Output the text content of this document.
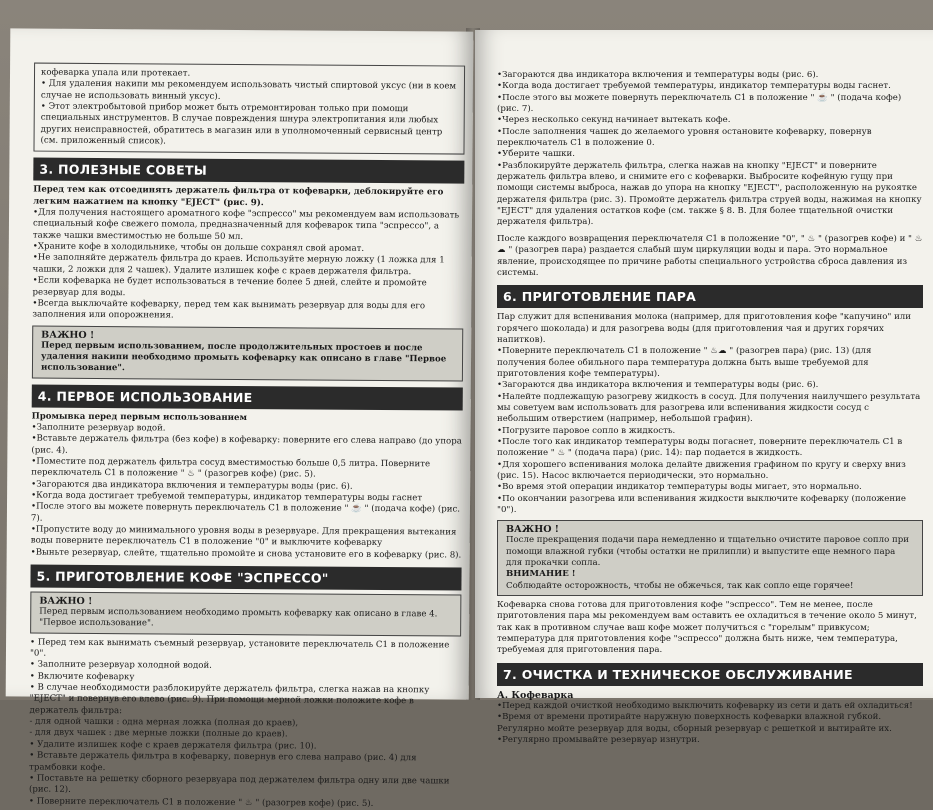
кофеварка упала или протекает.

• Для удаления накипи мы рекомендуем использовать чистый спиртовой уксус (ни в коем случае не использовать винный уксус).

• Этот электробытовой прибор может быть отремонтирован только при помощи специальных инструментов. В случае повреждения шнура электропитания или любых других неисправностей, обратитесь в магазин или в уполномоченный сервисный центр (см. приложенный список).

3. ПОЛЕЗНЫЕ СОВЕТЫ

Перед тем как отсоединять держатель фильтра от кофеварки, деблокируйте его легким нажатием на кнопку "EJECT" (рис. 9).

• Для получения настоящего ароматного кофе "эспрессо" мы рекомендуем вам использовать специальный кофе свежего помола, предназначенный для кофеварок типа "эспрессо", а также чашки вместимостью не больше 50 мл.

• Храните кофе в холодильнике, чтобы он дольше сохранял свой аромат.

• Не заполняйте держатель фильтра до краев. Используйте мерную ложку (1 ложка для 1 чашки, 2 ложки для 2 чашек). Удалите излишек кофе с краев держателя фильтра.

• Если кофеварка не будет использоваться в течение более 5 дней, слейте и промойте резервуар для воды.

• Всегда выключайте кофеварку, перед тем как вынимать резервуар для воды для его заполнения или опорожнения.

ВАЖНО !

Перед первым использованием, после продолжительных простоев и после удаления накипи необходимо промыть кофеварку как описано в главе "Первое использование".

4. ПЕРВОЕ ИСПОЛЬЗОВАНИЕ

Промывка перед первым использованием

• Заполните резервуар водой.

• Вставьте держатель фильтра (без кофе) в кофеварку: поверните его слева направо (до упора (рис. 4).

• Поместите под держатель фильтра сосуд вместимостью больше 0,5 литра. Поверните переключатель C1 в положение " ♨ " (разогрев кофе) (рис. 5).

• Загораются два индикатора включения и температуры воды (рис. 6).

• Когда вода достигает требуемой температуры, индикатор температуры воды гаснет

• После этого вы можете повернуть переключатель C1 в положение " ☕ " (подача кофе) (рис. 7).

• Пропустите воду до минимального уровня воды в резервуаре. Для прекращения вытекания воды поверните переключатель C1 в положение "0" и выключите кофеварку

• Выньте резервуар, слейте, тщательно промойте и снова установите его в кофеварку (рис. 8).

5. ПРИГОТОВЛЕНИЕ КОФЕ "ЭСПРЕССО"

ВАЖНО !

Перед первым использованием необходимо промыть кофеварку как описано в главе 4. "Первое использование".

• Перед тем как вынимать съемный резервуар, установите переключатель C1 в положение "0".

• Заполните резервуар холодной водой.

• Включите кофеварку

• В случае необходимости разблокируйте держатель фильтра, слегка нажав на кнопку "EJECT" и повернув его влево (рис. 9). При помощи мерной ложки положите кофе в держатель фильтра:

- для одной чашки : одна мерная ложка (полная до краев),

- для двух чашек : две мерные ложки (полные до краев).

• Удалите излишек кофе с краев держателя фильтра (рис. 10).

• Вставьте держатель фильтра в кофеварку, повернув его слева направо (рис. 4) для трамбовки кофе.

• Поставьте на решетку сборного резервуара под держателем фильтра одну или две чашки (рис. 12).

• Поверните переключатель C1 в положение " ♨ " (разогрев кофе) (рис. 5).

• Загораются два индикатора включения и температуры воды (рис. 6).

• Когда вода достигает требуемой температуры, индикатор температуры воды гаснет.

• После этого вы можете повернуть переключатель C1 в положение " ☕ " (подача кофе) (рис. 7).

• Через несколько секунд начинает вытекать кофе.

• После заполнения чашек до желаемого уровня остановите кофеварку, повернув переключатель C1 в положение 0.

• Уберите чашки.

• Разблокируйте держатель фильтра, слегка нажав на кнопку "EJECT" и поверните держатель фильтра влево, и снимите его с кофеварки. Выбросите кофейную гущу при помощи системы выброса, нажав до упора на кнопку "EJECT", расположенную на рукоятке держателя фильтра (рис. 3). Промойте держатель фильтра струей воды, нажимая на кнопку "EJECT" для удаления остатков кофе (см. также § 8. В. Для более тщательной очистки держателя фильтра).

После каждого возвращения переключателя C1 в положение "0", " ♨ " (разогрев кофе) и " ♨☁ " (разогрев пара) раздается слабый шум циркуляции воды и пара. Это нормальное явление, происходящее по причине работы специального устройства сброса давления из системы.

6. ПРИГОТОВЛЕНИЕ ПАРА

Пар служит для вспенивания молока (например, для приготовления кофе "капучино" или горячего шоколада) и для разогрева воды (для приготовления чая и других горячих напитков).

• Поверните переключатель C1 в положение " ♨☁ " (разогрев пара) (рис. 13) (для получения более обильного пара температура должна быть выше требуемой для приготовления кофе температуры).

• Загораются два индикатора включения и температуры воды (рис. 6).

• Налейте подлежащую разогреву жидкость в сосуд. Для получения наилучшего результата мы советуем вам использовать для разогрева или вспенивания жидкости сосуд с небольшим отверстием (например, небольшой графин).

• Погрузите паровое сопло в жидкость.

• После того как индикатор температуры воды погаснет, поверните переключатель C1 в положение " ♨ " (подача пара) (рис. 14): пар подается в жидкость.

• Для хорошего вспенивания молока делайте движения графином по кругу и сверху вниз (рис. 15). Насос включается периодически, это нормально.

• Во время этой операции индикатор температуры воды мигает, это нормально.

• По окончании разогрева или вспенивания жидкости выключите кофеварку (положение "0").

ВАЖНО !

После прекращения подачи пара немедленно и тщательно очистите паровое сопло при помощи влажной губки (чтобы остатки не прилипли) и выпустите еще немного пара для прокачки сопла.

ВНИМАНИЕ !

Соблюдайте осторожность, чтобы не обжечься, так как сопло еще горячее!

Кофеварка снова готова для приготовления кофе "эспрессо". Тем не менее, после приготовления пара мы рекомендуем вам оставить ее охладиться в течение около 5 минут, так как в противном случае ваш кофе может получиться с "горелым" привкусом; температура для приготовления кофе "эспрессо" должна быть ниже, чем температура, требуемая для приготовления пара.

7. ОЧИСТКА И ТЕХНИЧЕСКОЕ ОБСЛУЖИВАНИЕ

А. Кофеварка

• Перед каждой очисткой необходимо выключить кофеварку из сети и дать ей охладиться!

• Время от времени протирайте наружную поверхность кофеварки влажной губкой. Регулярно мойте резервуар для воды, сборный резервуар с решеткой и вытирайте их.

• Регулярно промывайте резервуар изнутри.
